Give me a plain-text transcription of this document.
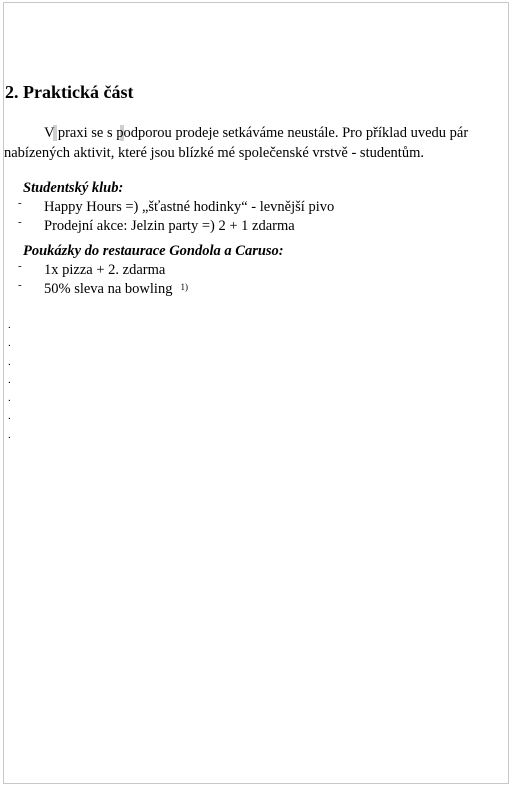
2. Praktická část
V praxi se s podporou prodeje setkáváme neustále. Pro příklad uvedu pár
nabízených aktivit, které jsou blízké mé společenské vrstvě - studentům.
Studentský klub:
- Happy Hours =) „šťastné hodinky“ - levnější pivo
- Prodejní akce: Jelzin party =) 2 + 1 zdarma
Poukázky do restaurace Gondola a Caruso:
- 1x pizza + 2. zdarma
- 50% sleva na bowling $^{1)}$
.
.
.
.
.
.
.
